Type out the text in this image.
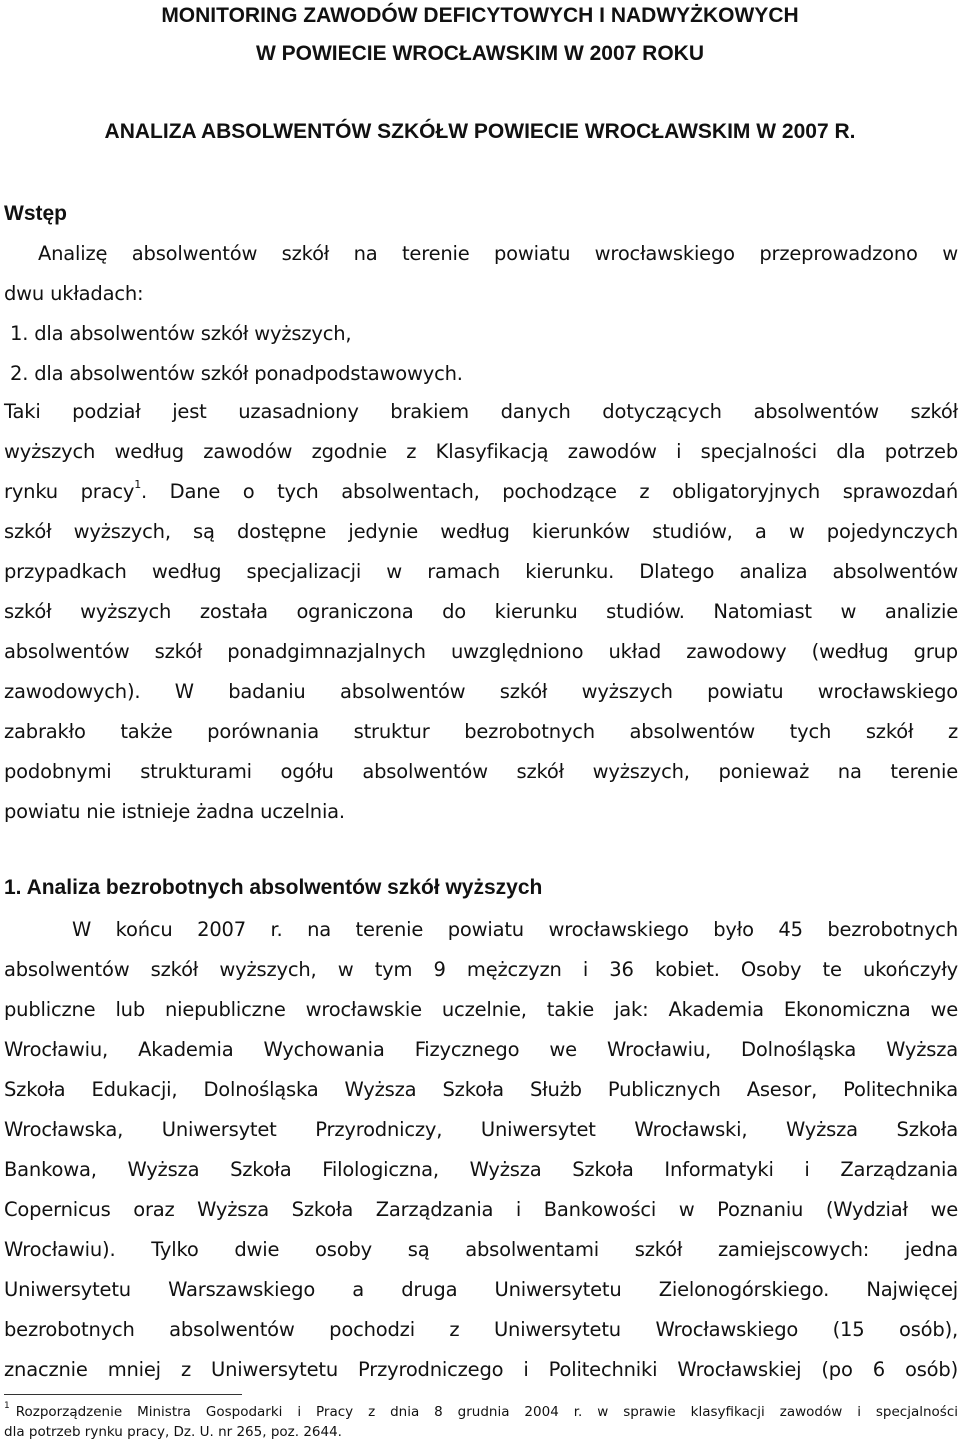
MONITORING ZAWODÓW DEFICYTOWYCH I NADWYŻKOWYCH
W POWIECIE WROCŁAWSKIM W 2007 ROKU
ANALIZA ABSOLWENTÓW SZKÓŁW POWIECIE WROCŁAWSKIM W 2007 R.
Wstęp
Analizę absolwentów szkół na terenie powiatu wrocławskiego przeprowadzono w
dwu układach:
1. dla absolwentów szkół wyższych,
2. dla absolwentów szkół ponadpodstawowych.
Taki podział jest uzasadniony brakiem danych dotyczących absolwentów szkół
wyższych według zawodów zgodnie z Klasyfikacją zawodów i specjalności dla potrzeb
rynku pracy$^1$. Dane o tych absolwentach, pochodzące z obligatoryjnych sprawozdań
szkół wyższych, są dostępne jedynie według kierunków studiów, a w pojedynczych
przypadkach według specjalizacji w ramach kierunku. Dlatego analiza absolwentów
szkół wyższych została ograniczona do kierunku studiów. Natomiast w analizie
absolwentów szkół ponadgimnazjalnych uwzględniono układ zawodowy (według grup
zawodowych). W badaniu absolwentów szkół wyższych powiatu wrocławskiego
zabrakło także porównania struktur bezrobotnych absolwentów tych szkół z
podobnymi strukturami ogółu absolwentów szkół wyższych, ponieważ na terenie
powiatu nie istnieje żadna uczelnia.
1. Analiza bezrobotnych absolwentów szkół wyższych
W końcu 2007 r. na terenie powiatu wrocławskiego było 45 bezrobotnych
absolwentów szkół wyższych, w tym 9 mężczyzn i 36 kobiet. Osoby te ukończyły
publiczne lub niepubliczne wrocławskie uczelnie, takie jak: Akademia Ekonomiczna we
Wrocławiu, Akademia Wychowania Fizycznego we Wrocławiu, Dolnośląska Wyższa
Szkoła Edukacji, Dolnośląska Wyższa Szkoła Służb Publicznych Asesor, Politechnika
Wrocławska, Uniwersytet Przyrodniczy, Uniwersytet Wrocławski, Wyższa Szkoła
Bankowa, Wyższa Szkoła Filologiczna, Wyższa Szkoła Informatyki i Zarządzania
Copernicus oraz Wyższa Szkoła Zarządzania i Bankowości w Poznaniu (Wydział we
Wrocławiu). Tylko dwie osoby są absolwentami szkół zamiejscowych: jedna
Uniwersytetu Warszawskiego a druga Uniwersytetu Zielonogórskiego. Najwięcej
bezrobotnych absolwentów pochodzi z Uniwersytetu Wrocławskiego (15 osób),
znacznie mniej z Uniwersytetu Przyrodniczego i Politechniki Wrocławskiej (po 6 osób)
$^1$ Rozporządzenie Ministra Gospodarki i Pracy z dnia 8 grudnia 2004 r. w sprawie klasyfikacji zawodów i specjalności
dla potrzeb rynku pracy, Dz. U. nr 265, poz. 2644.
